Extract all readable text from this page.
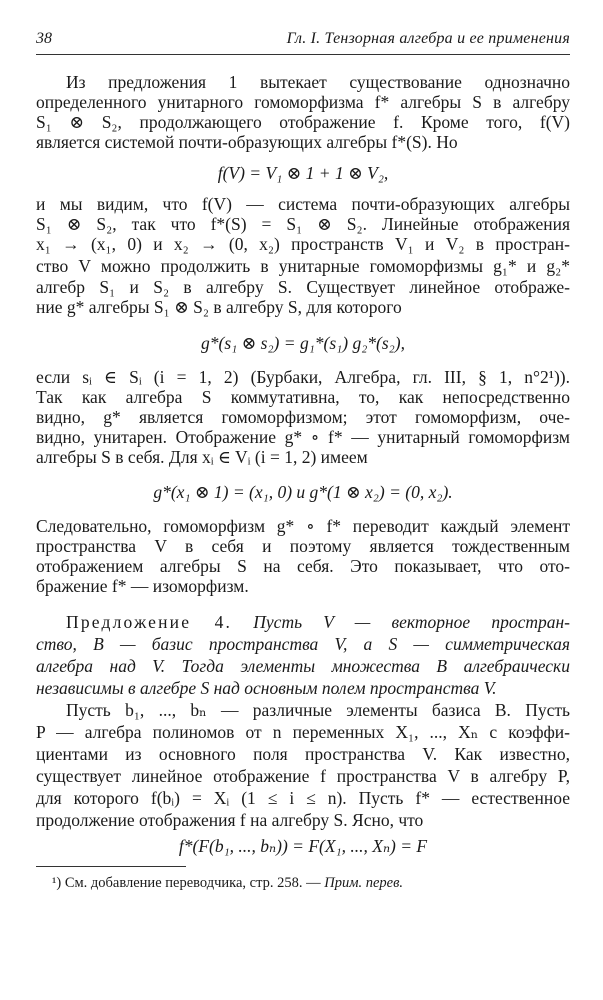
38	Гл. I. Тензорная алгебра и ее применения
Из предложения 1 вытекает существование однозначно
определенного унитарного гомоморфизма f* алгебры S в алгебру
S₁ ⊗ S₂, продолжающего отображение f. Кроме того, f(V)
является системой почти-образующих алгебры f*(S). Но
f(V) = V₁ ⊗ 1 + 1 ⊗ V₂,
и мы видим, что f(V) — система почти-образующих алгебры
S₁ ⊗ S₂, так что f*(S) = S₁ ⊗ S₂. Линейные отображения
x₁ → (x₁, 0) и x₂ → (0, x₂) пространств V₁ и V₂ в простран-
ство V можно продолжить в унитарные гомоморфизмы g₁* и g₂*
алгебр S₁ и S₂ в алгебру S. Существует линейное отображе-
ние g* алгебры S₁ ⊗ S₂ в алгебру S, для которого
g*(s₁ ⊗ s₂) = g₁*(s₁) g₂*(s₂),
если sᵢ ∈ Sᵢ (i = 1, 2) (Бурбаки, Алгебра, гл. III, § 1, n°2¹)).
Так как алгебра S коммутативна, то, как непосредственно
видно, g* является гомоморфизмом; этот гомоморфизм, оче-
видно, унитарен. Отображение g* ∘ f* — унитарный гомоморфизм
алгебры S в себя. Для xᵢ ∈ Vᵢ (i = 1, 2) имеем
g*(x₁ ⊗ 1) = (x₁, 0) и g*(1 ⊗ x₂) = (0, x₂).
Следовательно, гомоморфизм g* ∘ f* переводит каждый элемент
пространства V в себя и поэтому является тождественным
отображением алгебры S на себя. Это показывает, что ото-
бражение f* — изоморфизм.
Предложение 4. Пусть V — векторное простран-
ство, B — базис пространства V, а S — симметрическая
алгебра над V. Тогда элементы множества B алгебраически
независимы в алгебре S над основным полем пространства V.
Пусть b₁, ..., bₙ — различные элементы базиса B. Пусть
P — алгебра полиномов от n переменных X₁, ..., Xₙ с коэффи-
циентами из основного поля пространства V. Как известно,
существует линейное отображение f пространства V в алгебру P,
для которого f(bᵢ) = Xᵢ (1 ≤ i ≤ n). Пусть f* — естественное
продолжение отображения f на алгебру S. Ясно, что
f*(F(b₁, ..., bₙ)) = F(X₁, ..., Xₙ) = F
¹) См. добавление переводчика, стр. 258. — Прим. перев.
